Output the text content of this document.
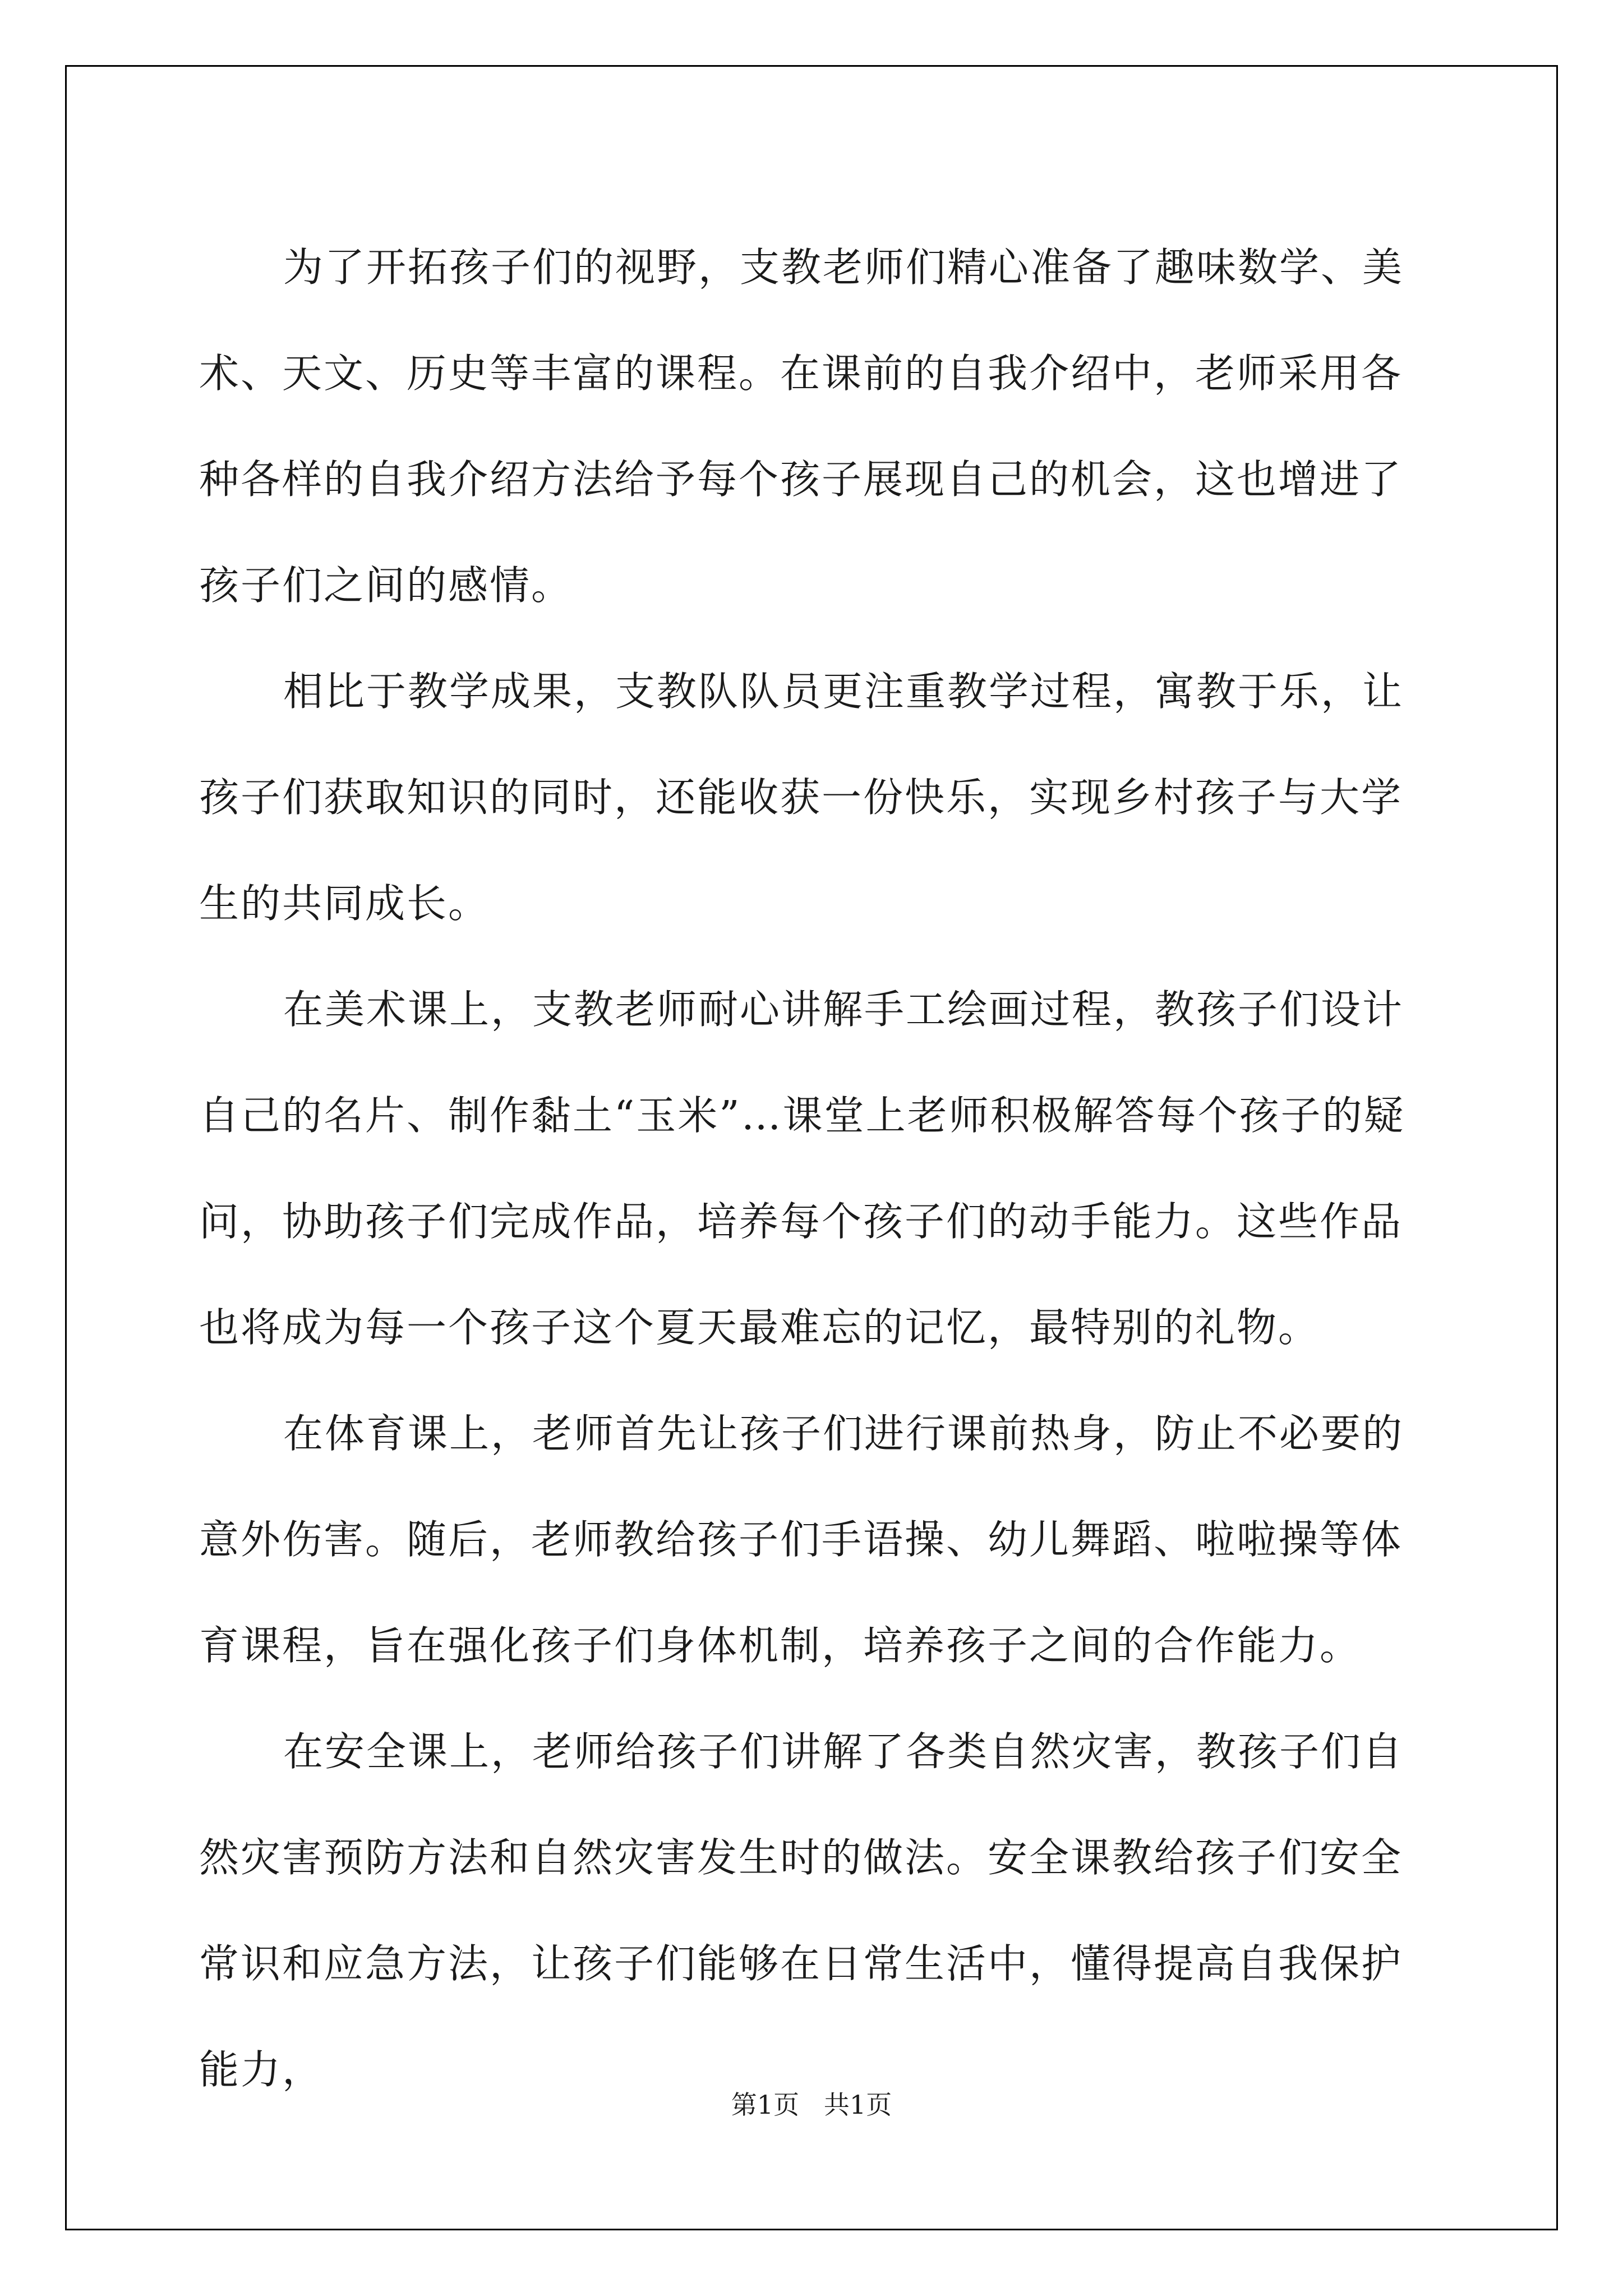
为了开拓孩子们的视野，支教老师们精心准备了趣味数学、美术、天文、历史等丰富的课程。在课前的自我介绍中，老师采用各种各样的自我介绍方法给予每个孩子展现自己的机会，这也增进了孩子们之间的感情。

相比于教学成果，支教队队员更注重教学过程，寓教于乐，让孩子们获取知识的同时，还能收获一份快乐，实现乡村孩子与大学生的共同成长。

在美术课上，支教老师耐心讲解手工绘画过程，教孩子们设计自己的名片、制作黏土“玉米”…课堂上老师积极解答每个孩子的疑问，协助孩子们完成作品，培养每个孩子们的动手能力。这些作品也将成为每一个孩子这个夏天最难忘的记忆，最特别的礼物。

在体育课上，老师首先让孩子们进行课前热身，防止不必要的意外伤害。随后，老师教给孩子们手语操、幼儿舞蹈、啦啦操等体育课程，旨在强化孩子们身体机制，培养孩子之间的合作能力。

在安全课上，老师给孩子们讲解了各类自然灾害，教孩子们自然灾害预防方法和自然灾害发生时的做法。安全课教给孩子们安全常识和应急方法，让孩子们能够在日常生活中，懂得提高自我保护能力，

第1页   共1页
